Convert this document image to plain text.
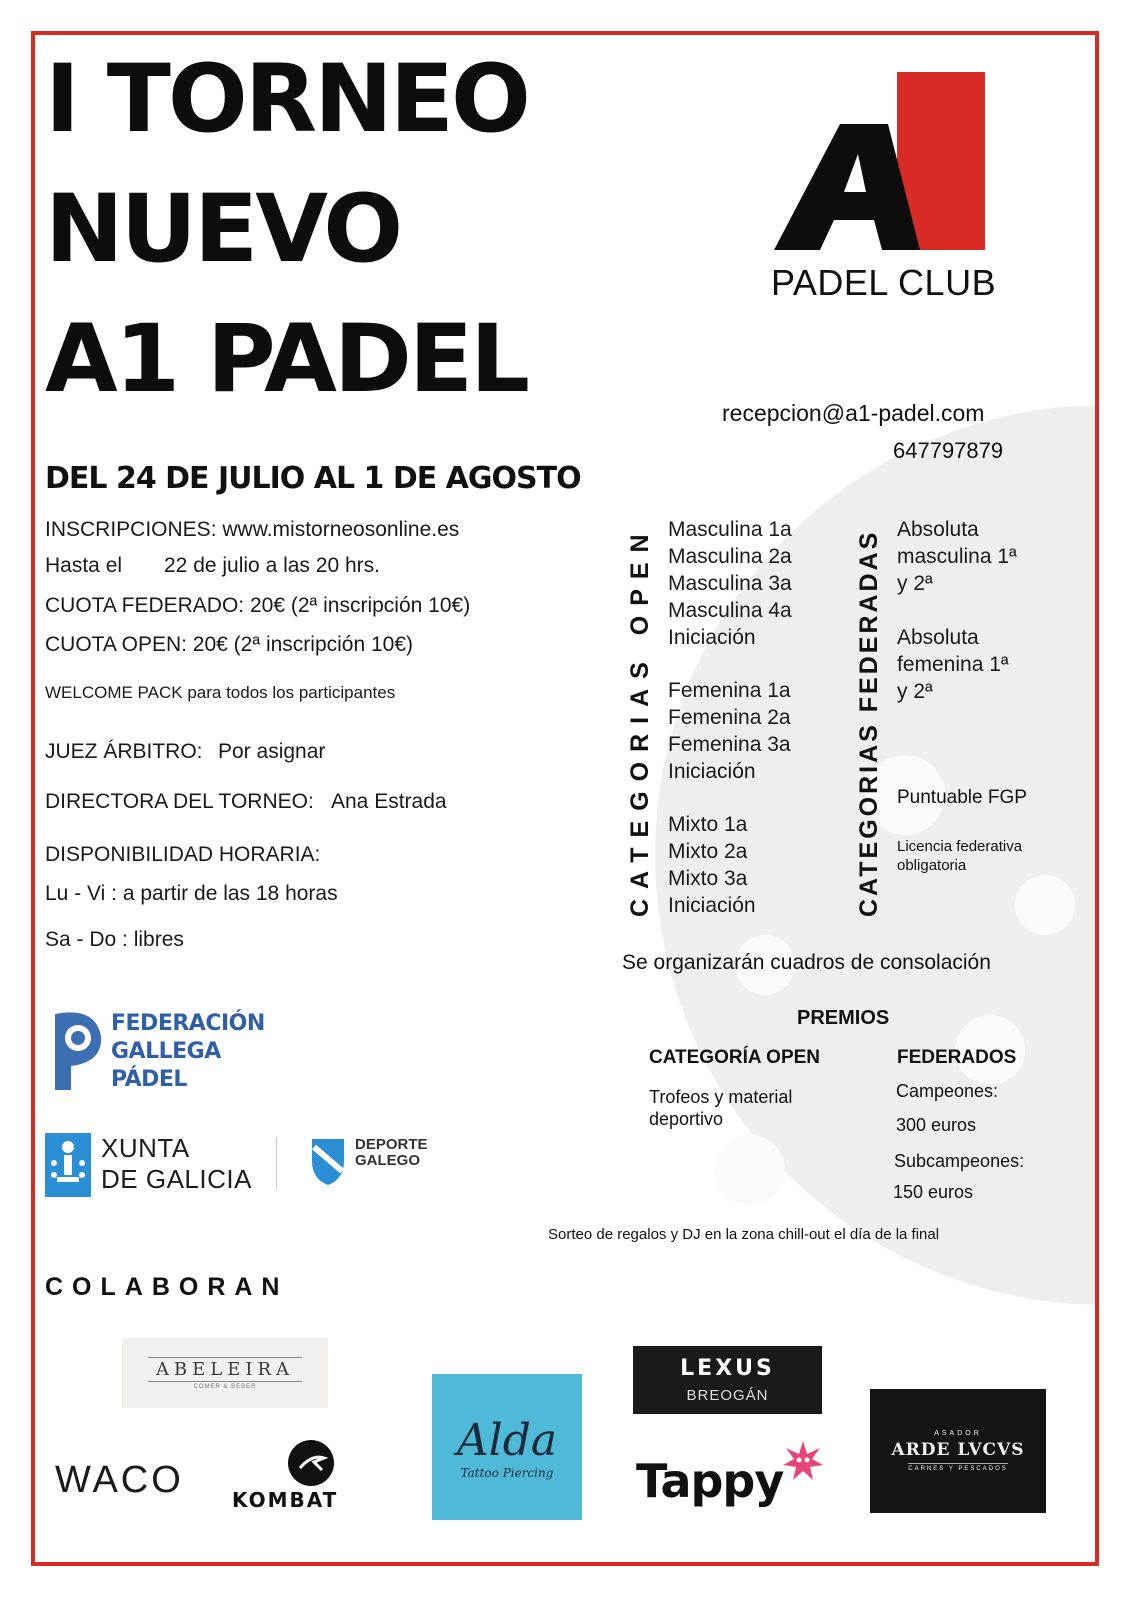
I TORNEO
NUEVO
A1 PADEL
PADEL CLUB
recepcion@a1-padel.com
647797879
DEL 24 DE JULIO AL 1 DE AGOSTO
INSCRIPCIONES: www.mistorneosonline.es
Hasta el 22 de julio a las 20 hrs.
CUOTA FEDERADO: 20€ (2ª inscripción 10€)
CUOTA OPEN: 20€ (2ª inscripción 10€)
WELCOME PACK para todos los participantes
JUEZ ÁRBITRO: Por asignar
DIRECTORA DEL TORNEO: Ana Estrada
DISPONIBILIDAD HORARIA:
Lu - Vi : a partir de las 18 horas
Sa - Do : libres
CATEGORIAS OPEN Masculina 1a
Masculina 2a
Masculina 3a
Masculina 4a
Iniciación
Femenina 1a
Femenina 2a
Femenina 3a
Iniciación
Mixto 1a
Mixto 2a
Mixto 3a
Iniciación	CATEGORIAS FEDERADAS
Absoluta
masculina 1ª
y 2ª
Absoluta
femenina 1ª
y 2ª
Puntuable FGP
Licencia federativa
obligatoria
Se organizarán cuadros de consolación
PREMIOS
CATEGORÍA OPEN
Trofeos y material
deportivo
FEDERADOS
Campeones:
300 euros
Subcampeones:
150 euros
Sorteo de regalos y DJ en la zona chill-out el día de la final
FEDERACIÓN
GALLEGA
PÁDEL
XUNTA
DE GALICIA
DEPORTE
GALEGO
COLABORAN
ABELEIRA
COMER & BEBER
WACO KOMBAT
Alda
Tattoo Piercing
LEXUS
BREOGÁN
Tappy
ASADOR
ARDE LVCVS
CARNES Y PESCADOS
